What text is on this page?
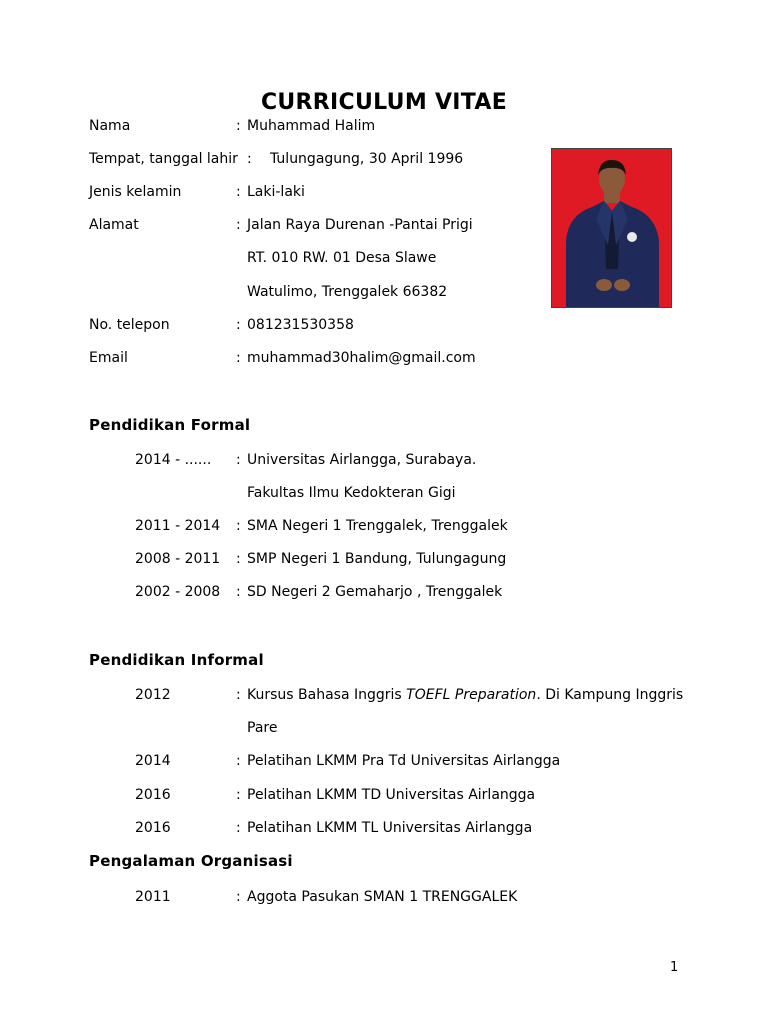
CURRICULUM VITAE
Nama	: Muhammad Halim
Tempat, tanggal lahir : Tulungagung, 30 April 1996
Jenis kelamin	: Laki-laki
Alamat	: Jalan Raya Durenan -Pantai Prigi
RT. 010 RW. 01 Desa Slawe
Watulimo, Trenggalek 66382
No. telepon	: 081231530358
Email	: muhammad30halim@gmail.com
Pendidikan Formal
2014 - ...... : Universitas Airlangga, Surabaya.
Fakultas Ilmu Kedokteran Gigi
2011 - 2014 : SMA Negeri 1 Trenggalek, Trenggalek
2008 - 2011 : SMP Negeri 1 Bandung, Tulungagung
2002 - 2008 : SD Negeri 2 Gemaharjo , Trenggalek
Pendidikan Informal
2012	: Kursus Bahasa Inggris TOEFL Preparation. Di Kampung Inggris
Pare
2014	: Pelatihan LKMM Pra Td Universitas Airlangga
2016	: Pelatihan LKMM TD Universitas Airlangga
2016	: Pelatihan LKMM TL Universitas Airlangga
Pengalaman Organisasi
2011	: Aggota Pasukan SMAN 1 TRENGGALEK
1
